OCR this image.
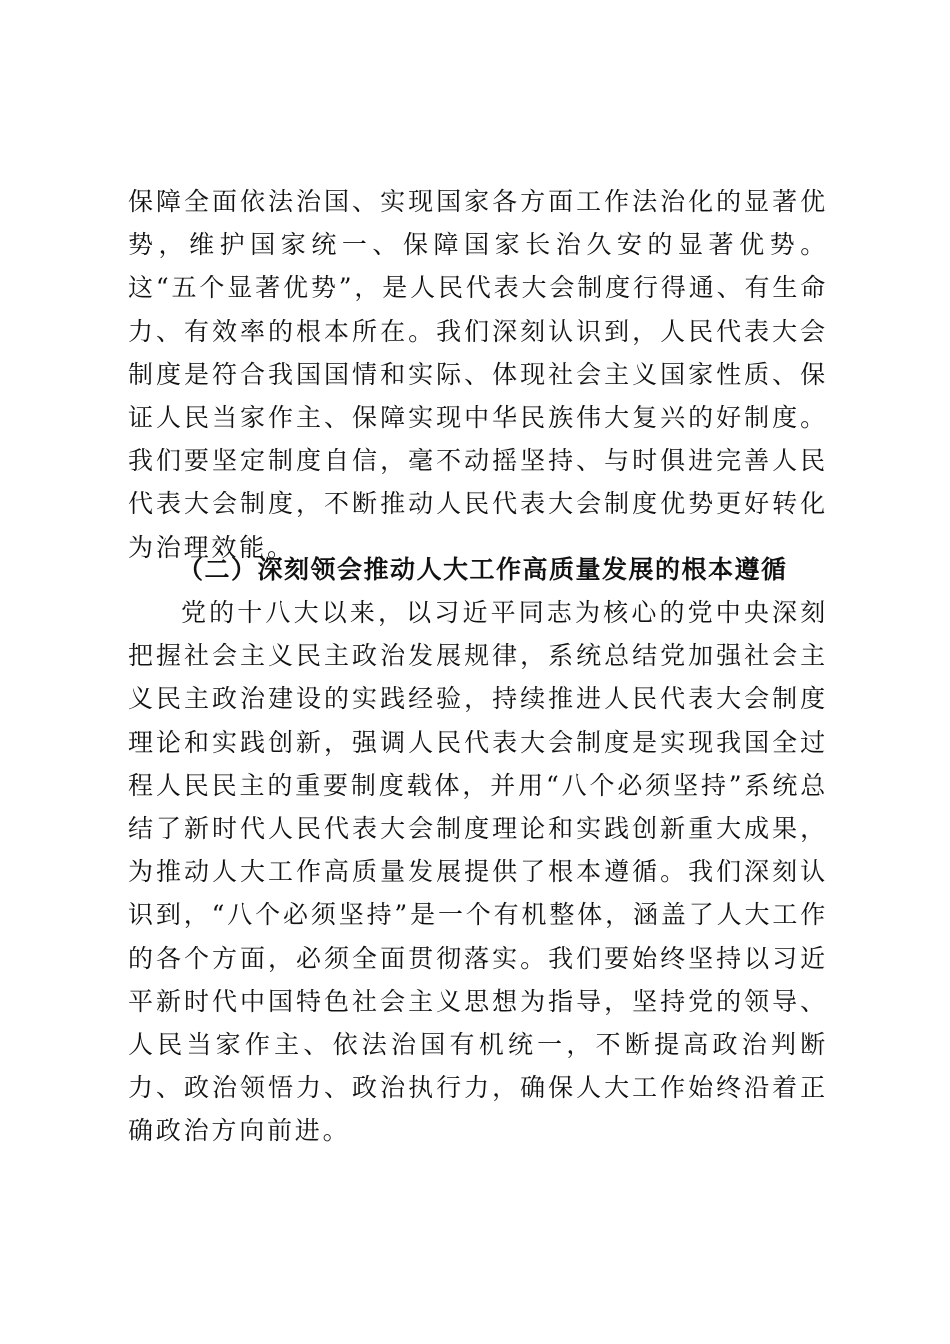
保障全面依法治国、实现国家各方面工作法治化的显著优势，维护国家统一、保障国家长治久安的显著优势。这“五个显著优势”，是人民代表大会制度行得通、有生命力、有效率的根本所在。我们深刻认识到，人民代表大会制度是符合我国国情和实际、体现社会主义国家性质、保证人民当家作主、保障实现中华民族伟大复兴的好制度。我们要坚定制度自信，毫不动摇坚持、与时俱进完善人民代表大会制度，不断推动人民代表大会制度优势更好转化为治理效能。
（二）深刻领会推动人大工作高质量发展的根本遵循
党的十八大以来，以习近平同志为核心的党中央深刻把握社会主义民主政治发展规律，系统总结党加强社会主义民主政治建设的实践经验，持续推进人民代表大会制度理论和实践创新，强调人民代表大会制度是实现我国全过程人民民主的重要制度载体，并用“八个必须坚持”系统总结了新时代人民代表大会制度理论和实践创新重大成果，为推动人大工作高质量发展提供了根本遵循。我们深刻认识到，“八个必须坚持”是一个有机整体，涵盖了人大工作的各个方面，必须全面贯彻落实。我们要始终坚持以习近平新时代中国特色社会主义思想为指导，坚持党的领导、人民当家作主、依法治国有机统一，不断提高政治判断力、政治领悟力、政治执行力，确保人大工作始终沿着正确政治方向前进。
